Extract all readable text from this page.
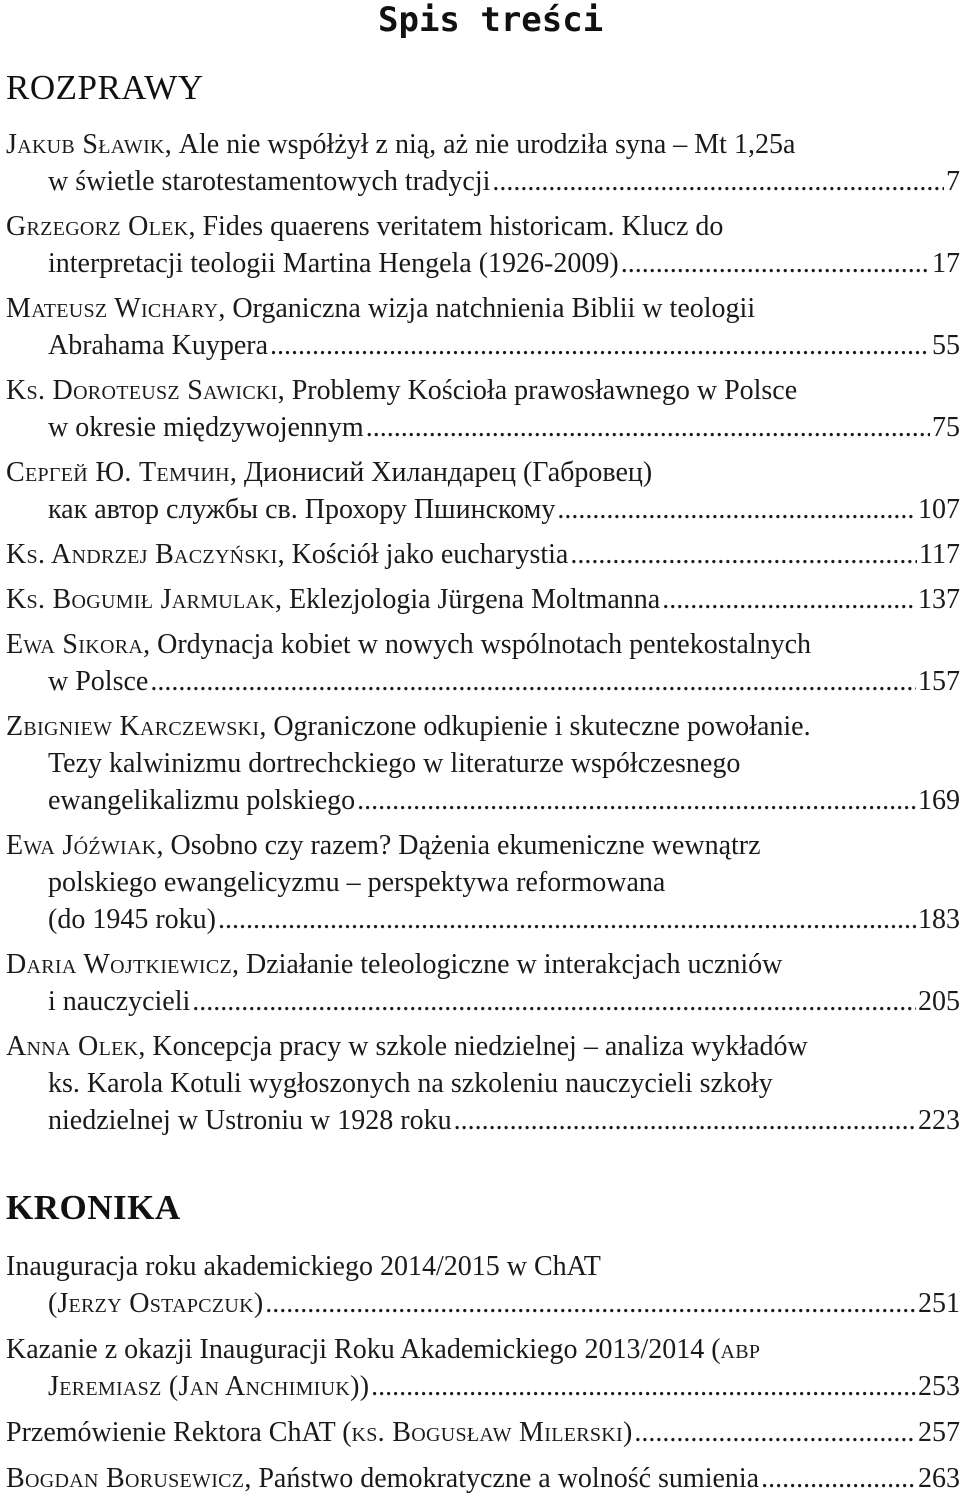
Spis treści
ROZPRAWY
Jakub Sławik , Ale nie współżył z nią, aż nie urodziła syna – Mt 1,25a
w świetle starotestamentowych tradycji .....	7
Grzegorz Olek , Fides quaerens veritatem historicam. Klucz do
interpretacji teologii Martina Hengela (1926-2009) .....	17
Mateusz Wichary , Organiczna wizja natchnienia Biblii w teologii
Abrahama Kuypera .....	55
Ks. Doroteusz Sawicki , Problemy Kościoła prawosławnego w Polsce
w okresie międzywojennym .....	75
Сергей Ю. Темчин , Дионисий Хиландарец (Габровец)
как автор службы св. Прохору Пшинскому .....	107
Ks. Andrzej Baczyński , Kościół jako eucharystia .....	117
Ks. Bogumił Jarmulak , Eklezjologia Jürgena Moltmanna .....	137
Ewa Sikora , Ordynacja kobiet w nowych wspólnotach pentekostalnych
w Polsce .....	157
Zbigniew Karczewski , Ograniczone odkupienie i skuteczne powołanie.
Tezy kalwinizmu dortrechckiego w literaturze współczesnego
ewangelikalizmu polskiego .....	169
Ewa Jóźwiak , Osobno czy razem? Dążenia ekumeniczne wewnątrz
polskiego ewangelicyzmu – perspektywa reformowana
(do 1945 roku) .....	183
Daria Wojtkiewicz , Działanie teleologiczne w interakcjach uczniów
i nauczycieli .....	205
Anna Olek , Koncepcja pracy w szkole niedzielnej – analiza wykładów
ks. Karola Kotuli wygłoszonych na szkoleniu nauczycieli szkoły
niedzielnej w Ustroniu w 1928 roku .....	223
KRONIKA
Inauguracja roku akademickiego 2014/2015 w ChAT
( Jerzy Ostapczuk ) .....	251
Kazanie z okazji Inauguracji Roku Akademickiego 2013/2014 ( abp
Jeremiasz (Jan Anchimiuk) ) .....	253
Przemówienie Rektora ChAT ( ks. Bogusław Milerski ) .....	257
Bogdan Borusewicz , Państwo demokratyczne a wolność sumienia .....	263
